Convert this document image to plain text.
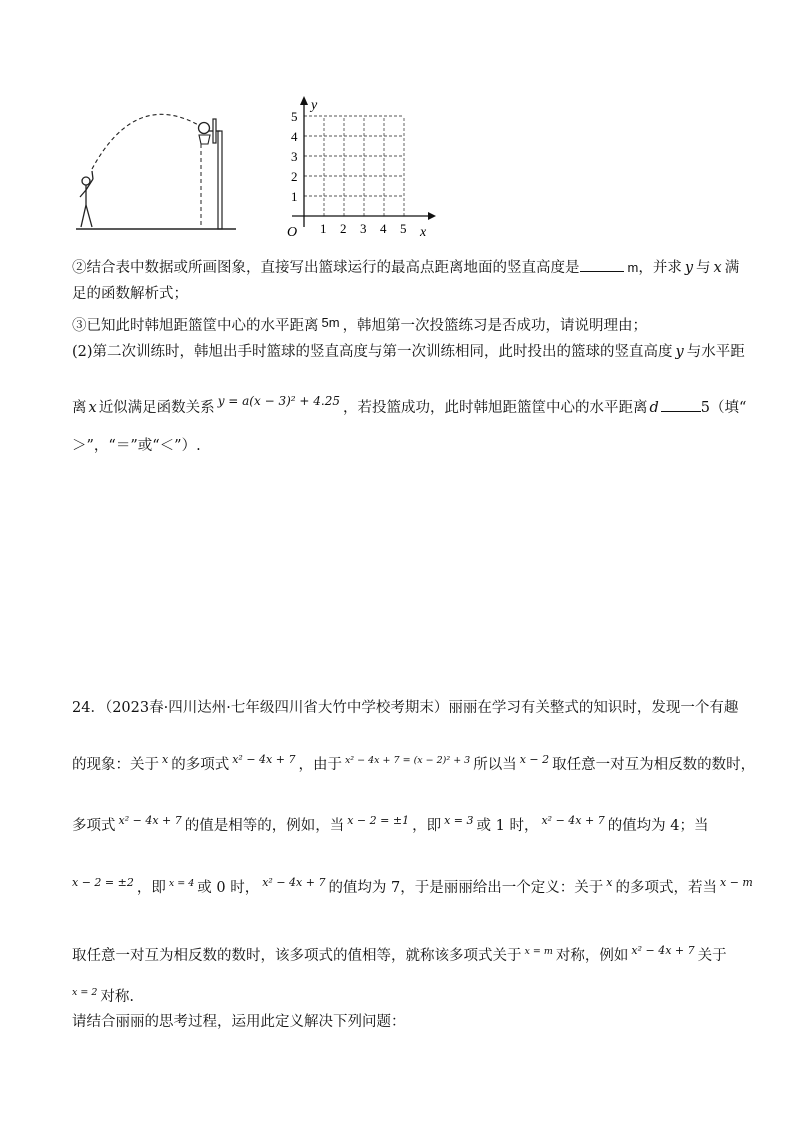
y
x
O
1
2
3
4
5
1 2 3 4 5
②结合表中数据或所画图象，直接写出篮球运行的最高点距离地面的竖直高度是	m，并求 y 与 x 满
足的函数解析式；
③已知此时韩旭距篮筐中心的水平距离 5m ，韩旭第一次投篮练习是否成功，请说明理由；
(2)第二次训练时，韩旭出手时篮球的竖直高度与第一次训练相同，此时投出的篮球的竖直高度 y 与水平距
离 x 近似满足函数关系 y = a(x − 3)² + 4.25 ，若投篮成功，此时韩旭距篮筐中心的水平距离 d	5（填“
＞”，“＝”或“＜”）.
24．（2023春·四川达州·七年级四川省大竹中学校考期末）丽丽在学习有关整式的知识时，发现一个有趣
的现象：关于 x 的多项式 x² − 4x + 7 ，由于 x² − 4x + 7 = (x − 2)² + 3 所以当 x − 2 取任意一对互为相反数的数时，
多项式 x² − 4x + 7 的值是相等的，例如，当 x − 2 = ±1 ，即 x = 3 或 1 时， x² − 4x + 7 的值均为 4；当
x − 2 = ±2 ，即 x = 4 或 0 时， x² − 4x + 7 的值均为 7，于是丽丽给出一个定义：关于 x 的多项式，若当 x − m
取任意一对互为相反数的数时，该多项式的值相等，就称该多项式关于 x = m 对称，例如 x² − 4x + 7 关于
x = 2 对称.
请结合丽丽的思考过程，运用此定义解决下列问题：
